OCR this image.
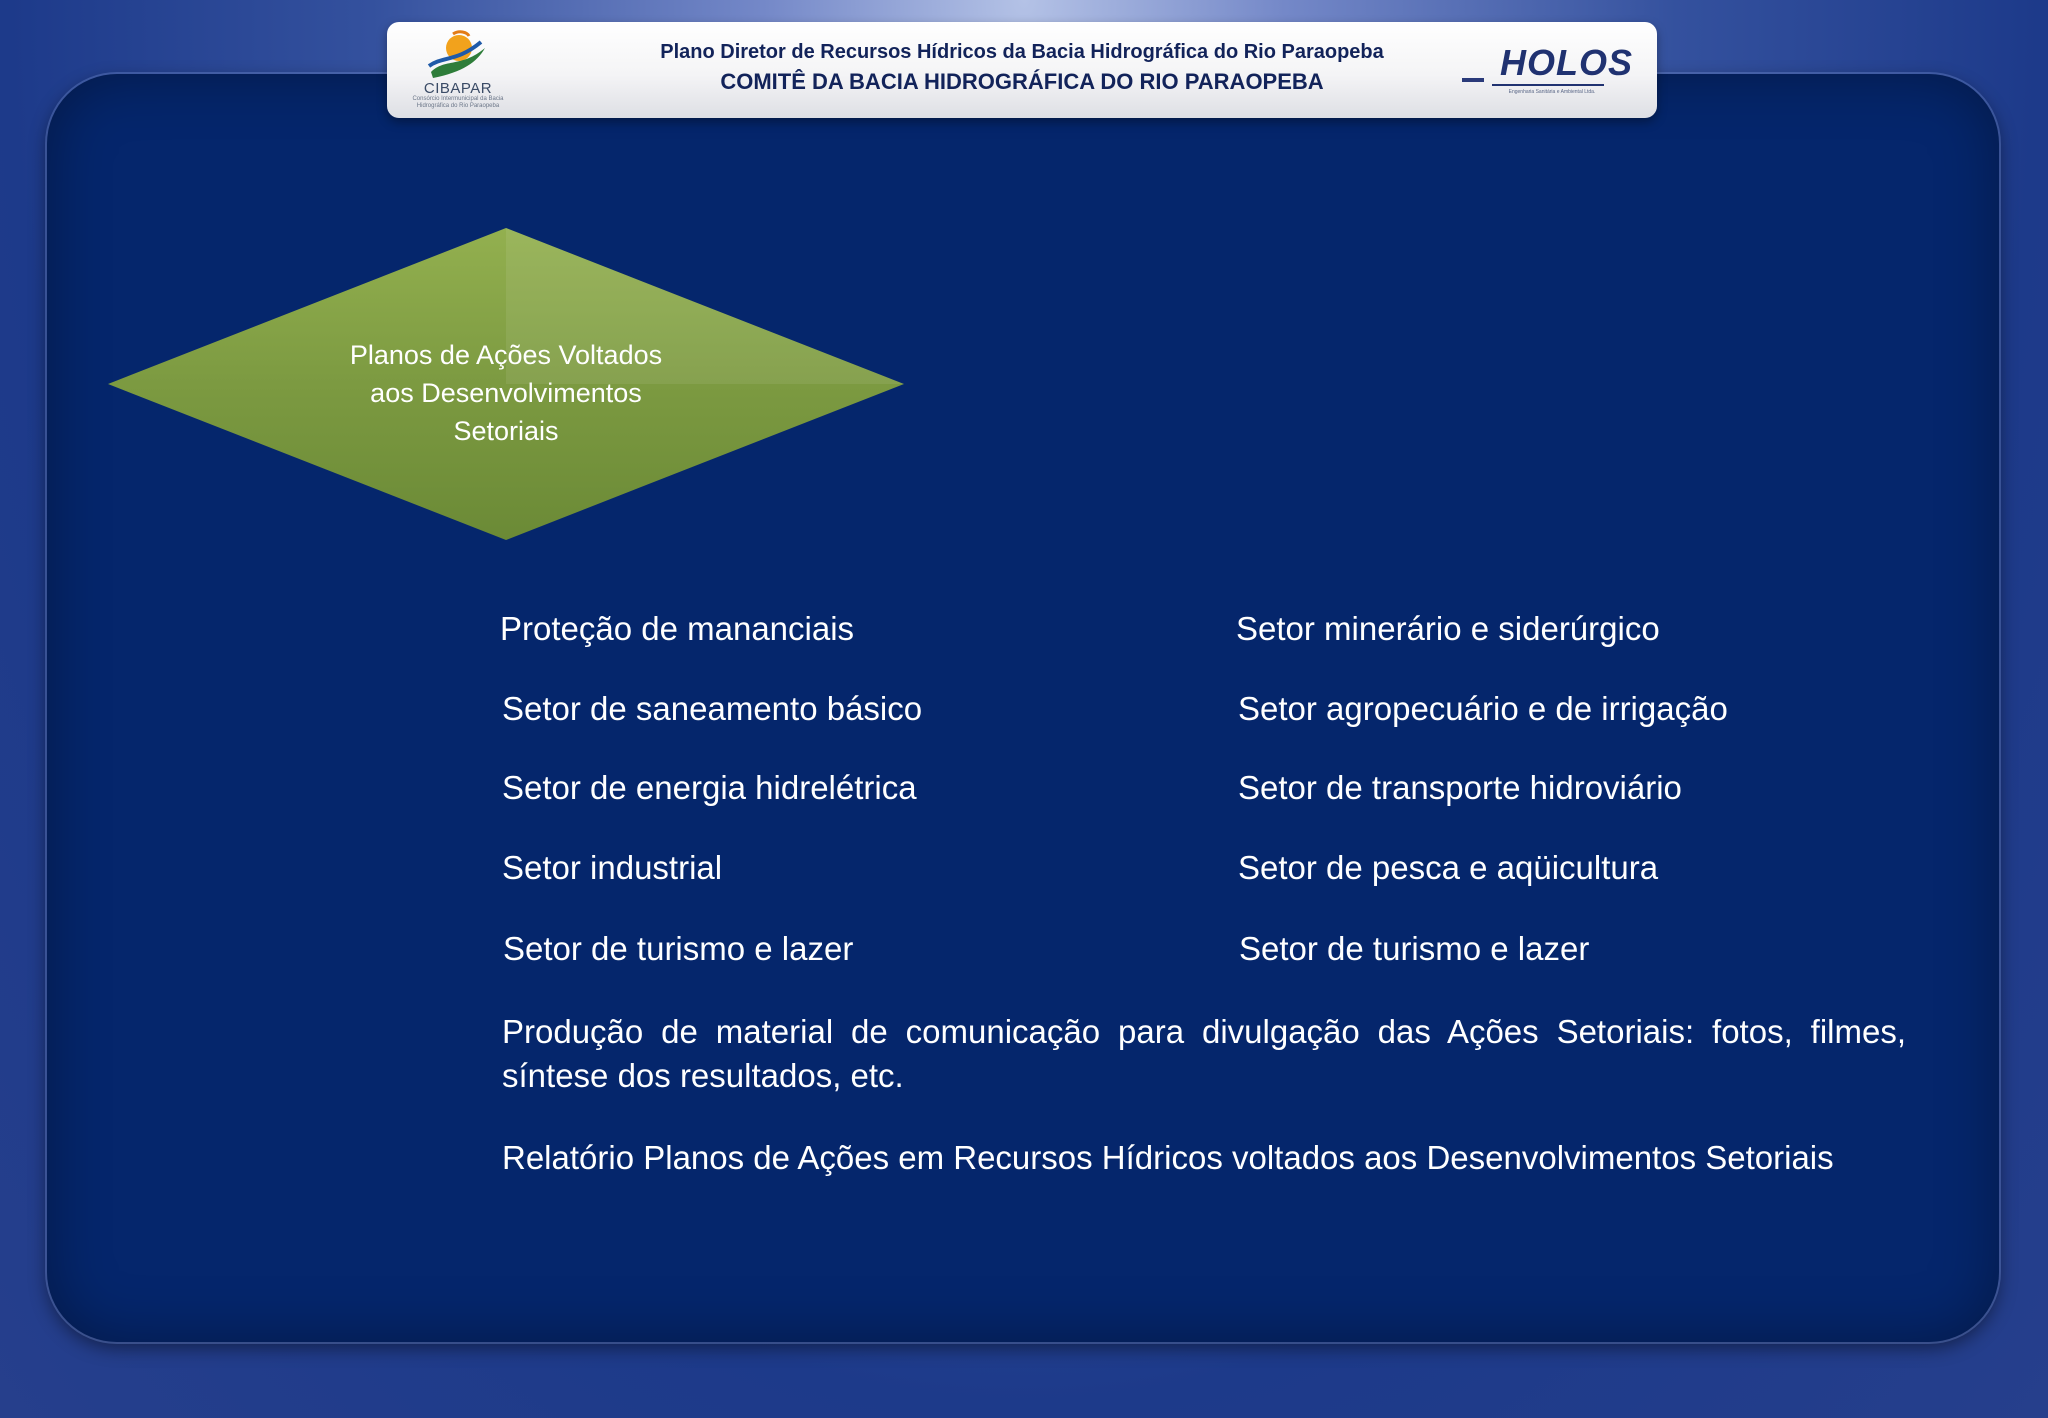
CIBAPAR
Consórcio Intermunicipal da Bacia Hidrográfica do Rio Paraopeba
Plano Diretor de Recursos Hídricos da Bacia Hidrográfica do Rio Paraopeba
COMITÊ DA BACIA HIDROGRÁFICA DO RIO PARAOPEBA	HOLOS
Engenharia Sanitária e Ambiental Ltda.
Planos de Ações Voltados
aos Desenvolvimentos
Setoriais
Proteção de mananciais
Setor de saneamento básico
Setor de energia hidrelétrica
Setor industrial
Setor de turismo e lazer
Setor minerário e siderúrgico
Setor agropecuário e de irrigação
Setor de transporte hidroviário
Setor de pesca e aqüicultura
Setor de turismo e lazer
Produção de material de comunicação para divulgação das Ações Setoriais: fotos, filmes, síntese dos resultados, etc.
Relatório Planos de Ações em Recursos Hídricos voltados aos Desenvolvimentos Setoriais
